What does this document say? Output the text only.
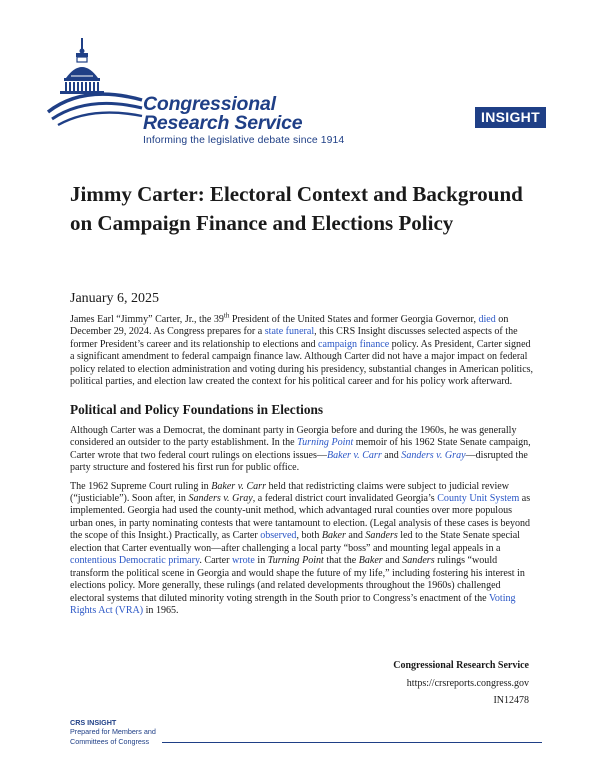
Congressional
Research Service
Informing the legislative debate since 1914
INSIGHT
Jimmy Carter: Electoral Context and Background on Campaign Finance and Elections Policy
January 6, 2025

James Earl “Jimmy” Carter, Jr., the 39th President of the United States and former Georgia Governor, died on December 29, 2024. As Congress prepares for a state funeral, this CRS Insight discusses selected aspects of the former President’s career and its relationship to elections and campaign finance policy. As President, Carter signed a significant amendment to federal campaign finance law. Although Carter did not have a major impact on federal policy related to election administration and voting during his presidency, substantial changes in American politics, political parties, and election law created the context for his political career and for his policy work afterward.

Political and Policy Foundations in Elections

Although Carter was a Democrat, the dominant party in Georgia before and during the 1960s, he was generally considered an outsider to the party establishment. In the Turning Point memoir of his 1962 State Senate campaign, Carter wrote that two federal court rulings on elections issues—Baker v. Carr and Sanders v. Gray—disrupted the party structure and fostered his first run for public office.

The 1962 Supreme Court ruling in Baker v. Carr held that redistricting claims were subject to judicial review (“justiciable”). Soon after, in Sanders v. Gray, a federal district court invalidated Georgia’s County Unit System as implemented. Georgia had used the county-unit method, which advantaged rural counties over more populous urban ones, in party nominating contests that were tantamount to election. (Legal analysis of these cases is beyond the scope of this Insight.) Practically, as Carter observed, both Baker and Sanders led to the State Senate special election that Carter eventually won—after challenging a local party “boss” and mounting legal appeals in a contentious Democratic primary. Carter wrote in Turning Point that the Baker and Sanders rulings “would transform the political scene in Georgia and would shape the future of my life,” including fostering his interest in elections policy. More generally, these rulings (and related developments throughout the 1960s) challenged electoral systems that diluted minority voting strength in the South prior to Congress’s enactment of the Voting Rights Act (VRA) in 1965.

Congressional Research Service
https://crsreports.congress.gov
IN12478
CRS INSIGHT
Prepared for Members and
Committees of Congress
